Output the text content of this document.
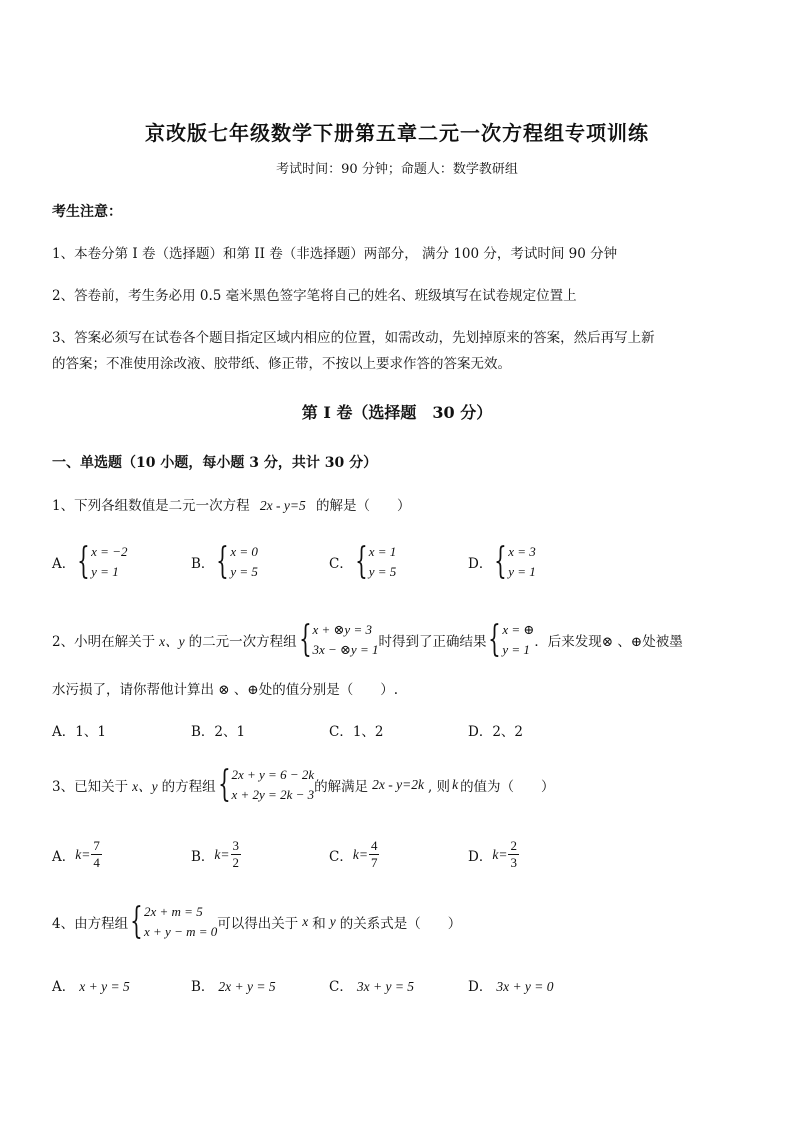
京改版七年级数学下册第五章二元一次方程组专项训练
考试时间：90 分钟；命题人：数学教研组
考生注意：
1、本卷分第 I 卷（选择题）和第 II 卷（非选择题）两部分， 满分 100 分，考试时间 90 分钟
2、答卷前，考生务必用 0.5 毫米黑色签字笔将自己的姓名、班级填写在试卷规定位置上
3、答案必须写在试卷各个题目指定区域内相应的位置，如需改动，先划掉原来的答案，然后再写上新
的答案；不准使用涂改液、胶带纸、修正带，不按以上要求作答的答案无效。
第 I 卷（选择题　30 分）
一、单选题（10 小题，每小题 3 分，共计 30 分）
1、下列各组数值是二元一次方程 2x - y=5 的解是（　　）
A． { x = −2
y = 1	B． { x = 0
y = 5	C． { x = 1
y = 5	D． { x = 3
y = 1
2、小明在解关于 x、y 的二元一次方程组 { x + ⊗y = 3
3x − ⊗y = 1 时得到了正确结果 { x = ⊕
y = 1 ．后来发现⊗ 、⊕处被墨
水污损了，请你帮他计算出 ⊗ 、⊕处的值分别是（　　）.
A．1、1	B．2、1	C．1、2	D．2、2
3、已知关于 x、y 的方程组 { 2x + y = 6 − 2k
x + 2y = 2k − 3 的解满足 2x - y=2k , 则 k 的值为（　　）
A． $k= \frac{7}{4}$	B． $k= \frac{3}{2}$	C． $k= \frac{4}{7}$	D． $k= \frac{2}{3}$
4、由方程组 { 2x + m = 5
x + y − m = 0 可以得出关于 x 和 y 的关系式是（　　）
A． x + y = 5	B． 2x + y = 5	C． 3x + y = 5	D． 3x + y = 0
